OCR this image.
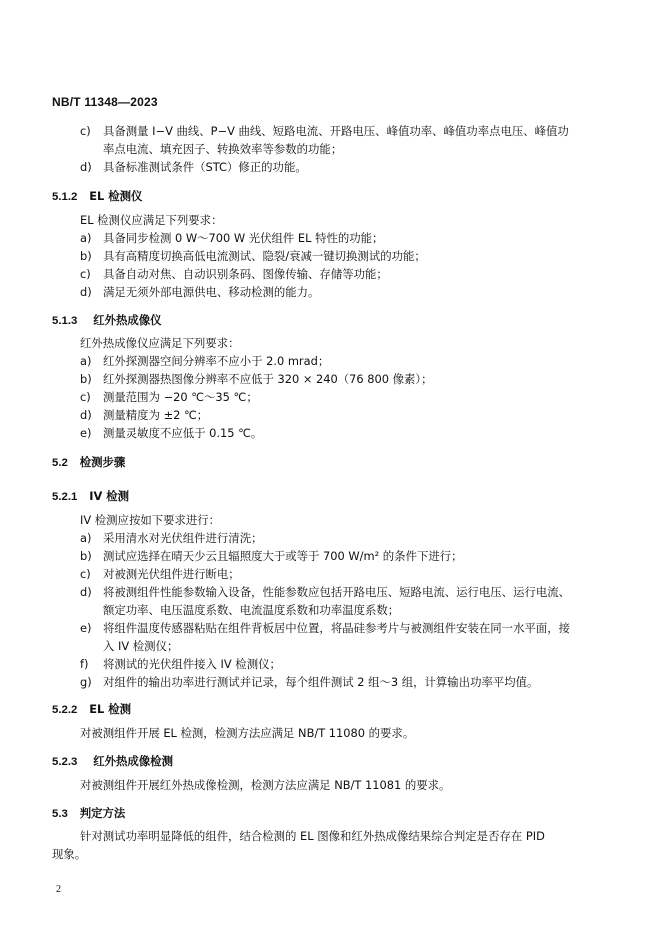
NB/T 11348—2023
c) 具备测量 I−V 曲线、P−V 曲线、短路电流、开路电压、峰值功率、峰值功率点电压、峰值功
率点电流、填充因子、转换效率等参数的功能；
d) 具备标准测试条件（STC）修正的功能。
5.1.2 EL 检测仪
EL 检测仪应满足下列要求：
a) 具备同步检测 0 W～700 W 光伏组件 EL 特性的功能；
b) 具有高精度切换高低电流测试、隐裂/衰减一键切换测试的功能；
c) 具备自动对焦、自动识别条码、图像传输、存储等功能；
d) 满足无须外部电源供电、移动检测的能力。
5.1.3 红外热成像仪
红外热成像仪应满足下列要求：
a) 红外探测器空间分辨率不应小于 2.0 mrad；
b) 红外探测器热图像分辨率不应低于 320 × 240（76 800 像素）；
c) 测量范围为 −20 ℃～35 ℃；
d) 测量精度为 ±2 ℃；
e) 测量灵敏度不应低于 0.15 ℃。
5.2 检测步骤
5.2.1 IV 检测
IV 检测应按如下要求进行：
a) 采用清水对光伏组件进行清洗；
b) 测试应选择在晴天少云且辐照度大于或等于 700 W/m² 的条件下进行；
c) 对被测光伏组件进行断电；
d) 将被测组件性能参数输入设备，性能参数应包括开路电压、短路电流、运行电压、运行电流、
额定功率、电压温度系数、电流温度系数和功率温度系数；
e) 将组件温度传感器粘贴在组件背板居中位置，将晶硅参考片与被测组件安装在同一水平面，接
入 IV 检测仪；
f) 将测试的光伏组件接入 IV 检测仪；
g) 对组件的输出功率进行测试并记录，每个组件测试 2 组～3 组，计算输出功率平均值。
5.2.2 EL 检测
对被测组件开展 EL 检测，检测方法应满足 NB/T 11080 的要求。
5.2.3 红外热成像检测
对被测组件开展红外热成像检测，检测方法应满足 NB/T 11081 的要求。
5.3 判定方法
针对测试功率明显降低的组件，结合检测的 EL 图像和红外热成像结果综合判定是否存在 PID
现象。
2
